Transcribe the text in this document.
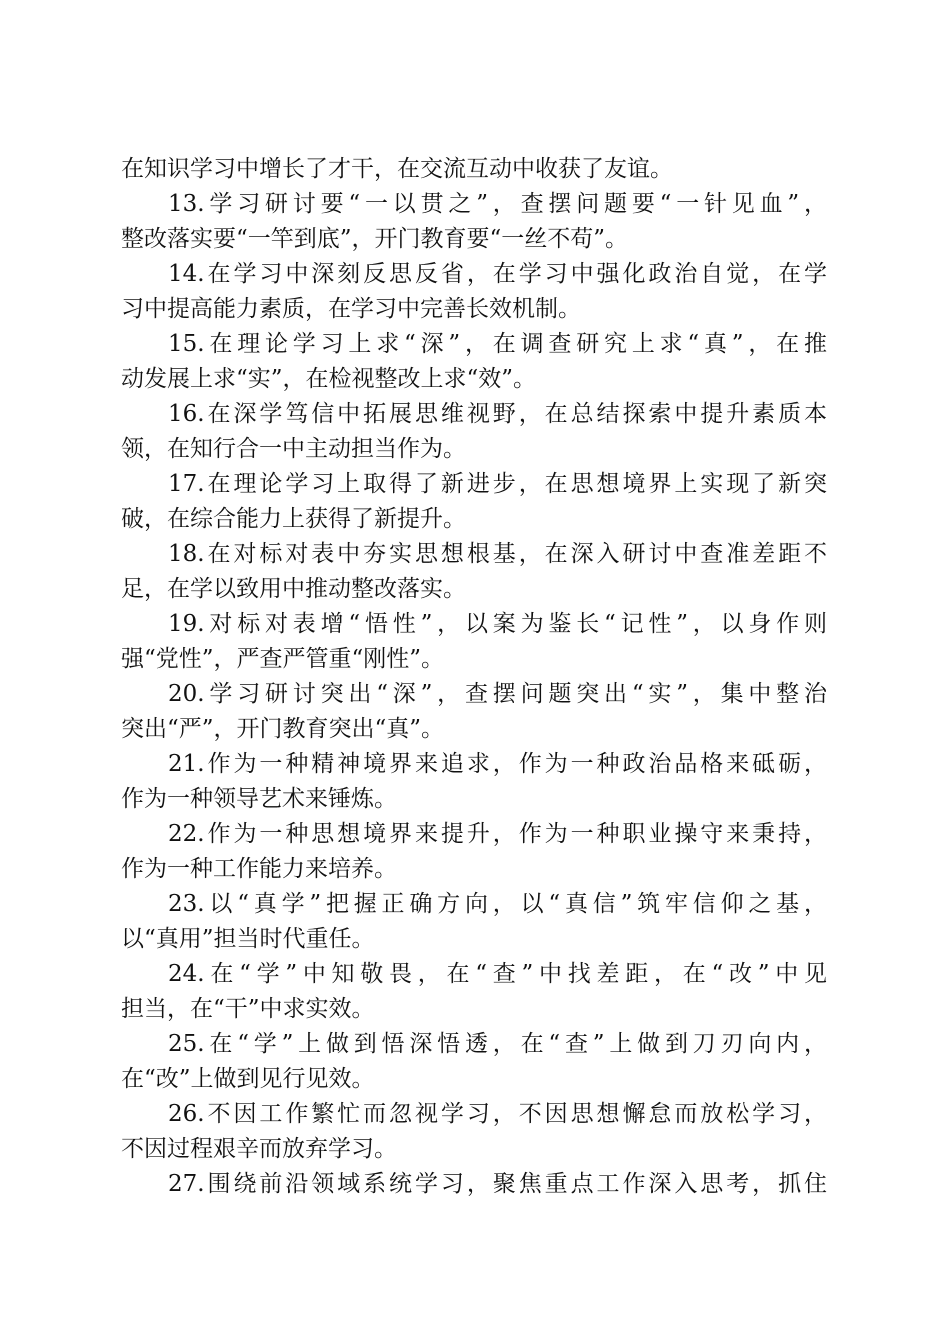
在知识学习中增长了才干，在交流互动中收获了友谊。
13.学习研讨要“一以贯之”，查摆问题要“一针见血”，
整改落实要“一竿到底”，开门教育要“一丝不苟”。
14.在学习中深刻反思反省，在学习中强化政治自觉，在学
习中提高能力素质，在学习中完善长效机制。
15.在理论学习上求“深”，在调查研究上求“真”，在推
动发展上求“实”，在检视整改上求“效”。
16.在深学笃信中拓展思维视野，在总结探索中提升素质本
领，在知行合一中主动担当作为。
17.在理论学习上取得了新进步，在思想境界上实现了新突
破，在综合能力上获得了新提升。
18.在对标对表中夯实思想根基，在深入研讨中查准差距不
足，在学以致用中推动整改落实。
19.对标对表增“悟性”，以案为鉴长“记性”，以身作则
强“党性”，严查严管重“刚性”。
20.学习研讨突出“深”，查摆问题突出“实”，集中整治
突出“严”，开门教育突出“真”。
21.作为一种精神境界来追求，作为一种政治品格来砥砺，
作为一种领导艺术来锤炼。
22.作为一种思想境界来提升，作为一种职业操守来秉持，
作为一种工作能力来培养。
23.以“真学”把握正确方向，以“真信”筑牢信仰之基，
以“真用”担当时代重任。
24.在“学”中知敬畏，在“查”中找差距，在“改”中见
担当，在“干”中求实效。
25.在“学”上做到悟深悟透，在“查”上做到刀刃向内，
在“改”上做到见行见效。
26.不因工作繁忙而忽视学习，不因思想懈怠而放松学习，
不因过程艰辛而放弃学习。
27.围绕前沿领域系统学习，聚焦重点工作深入思考，抓住
